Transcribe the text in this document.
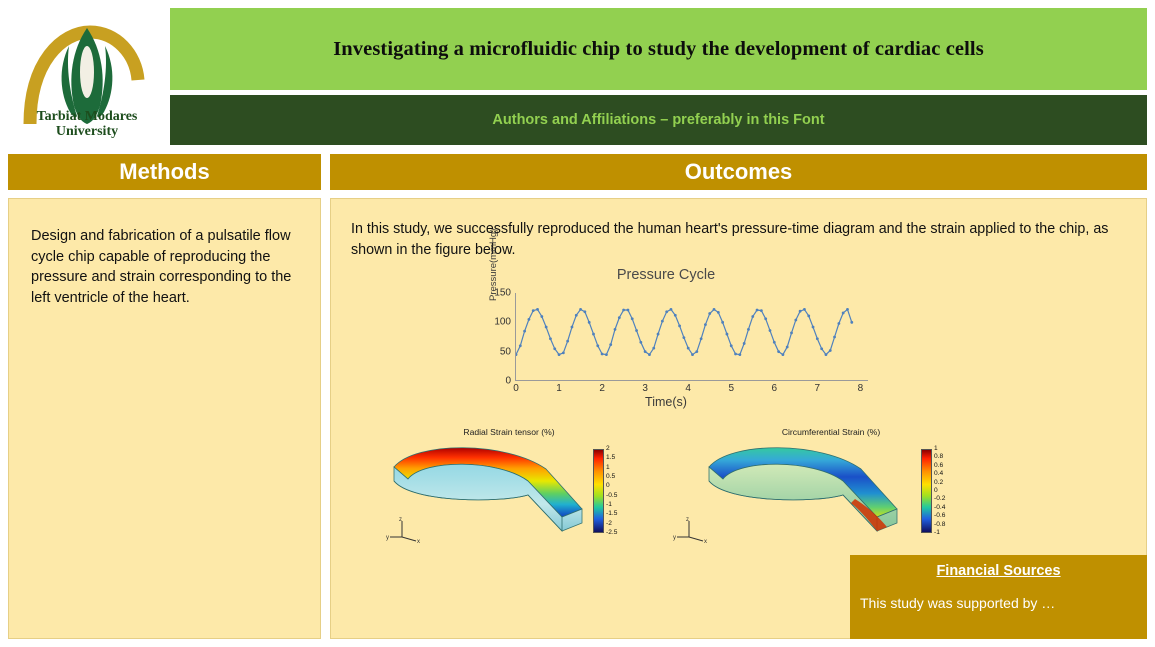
Tarbiat Modares
University
Investigating a microfluidic chip to study the development of cardiac cells
Authors and Affiliations – preferably in this Font
Methods	Outcomes
Design and fabrication of a pulsatile flow cycle chip capable of reproducing the pressure and strain corresponding to the left ventricle of the heart.
In this study, we successfully reproduced the human heart's pressure-time diagram and the strain applied to the chip, as shown in the figure below.
Pressure Cycle
Pressure(mmHg)
0
50
100
150
0	1	2	3	4	5	6	7	8
Time(s)
Radial Strain tensor (%)
z
y
x
2
1.5
1
0.5
0
-0.5
-1
-1.5
-2
-2.5
Circumferential Strain (%)
z
y
x
1
0.8
0.6
0.4
0.2
0
-0.2
-0.4
-0.6
-0.8
-1
Financial Sources
This study was supported by …
